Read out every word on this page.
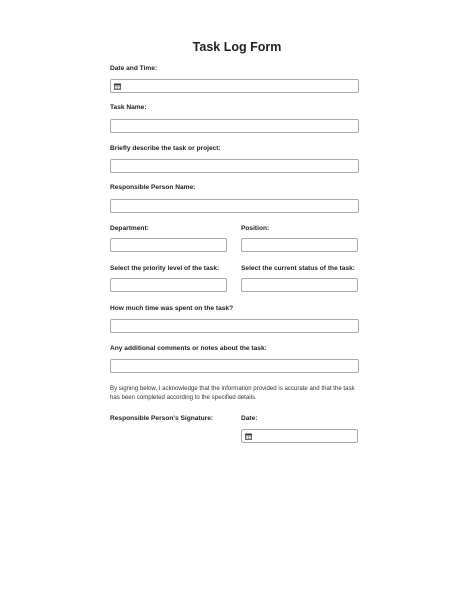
Task Log Form
Date and Time:
Task Name:
Briefly describe the task or project:
Responsible Person Name:
Department:	Position:
Select the priority level of the task:	Select the current status of the task:
How much time was spent on the task?
Any additional comments or notes about the task:
By signing below, I acknowledge that the information provided is accurate and that the task has been completed according to the specified details.
Responsible Person's Signature:	Date:
